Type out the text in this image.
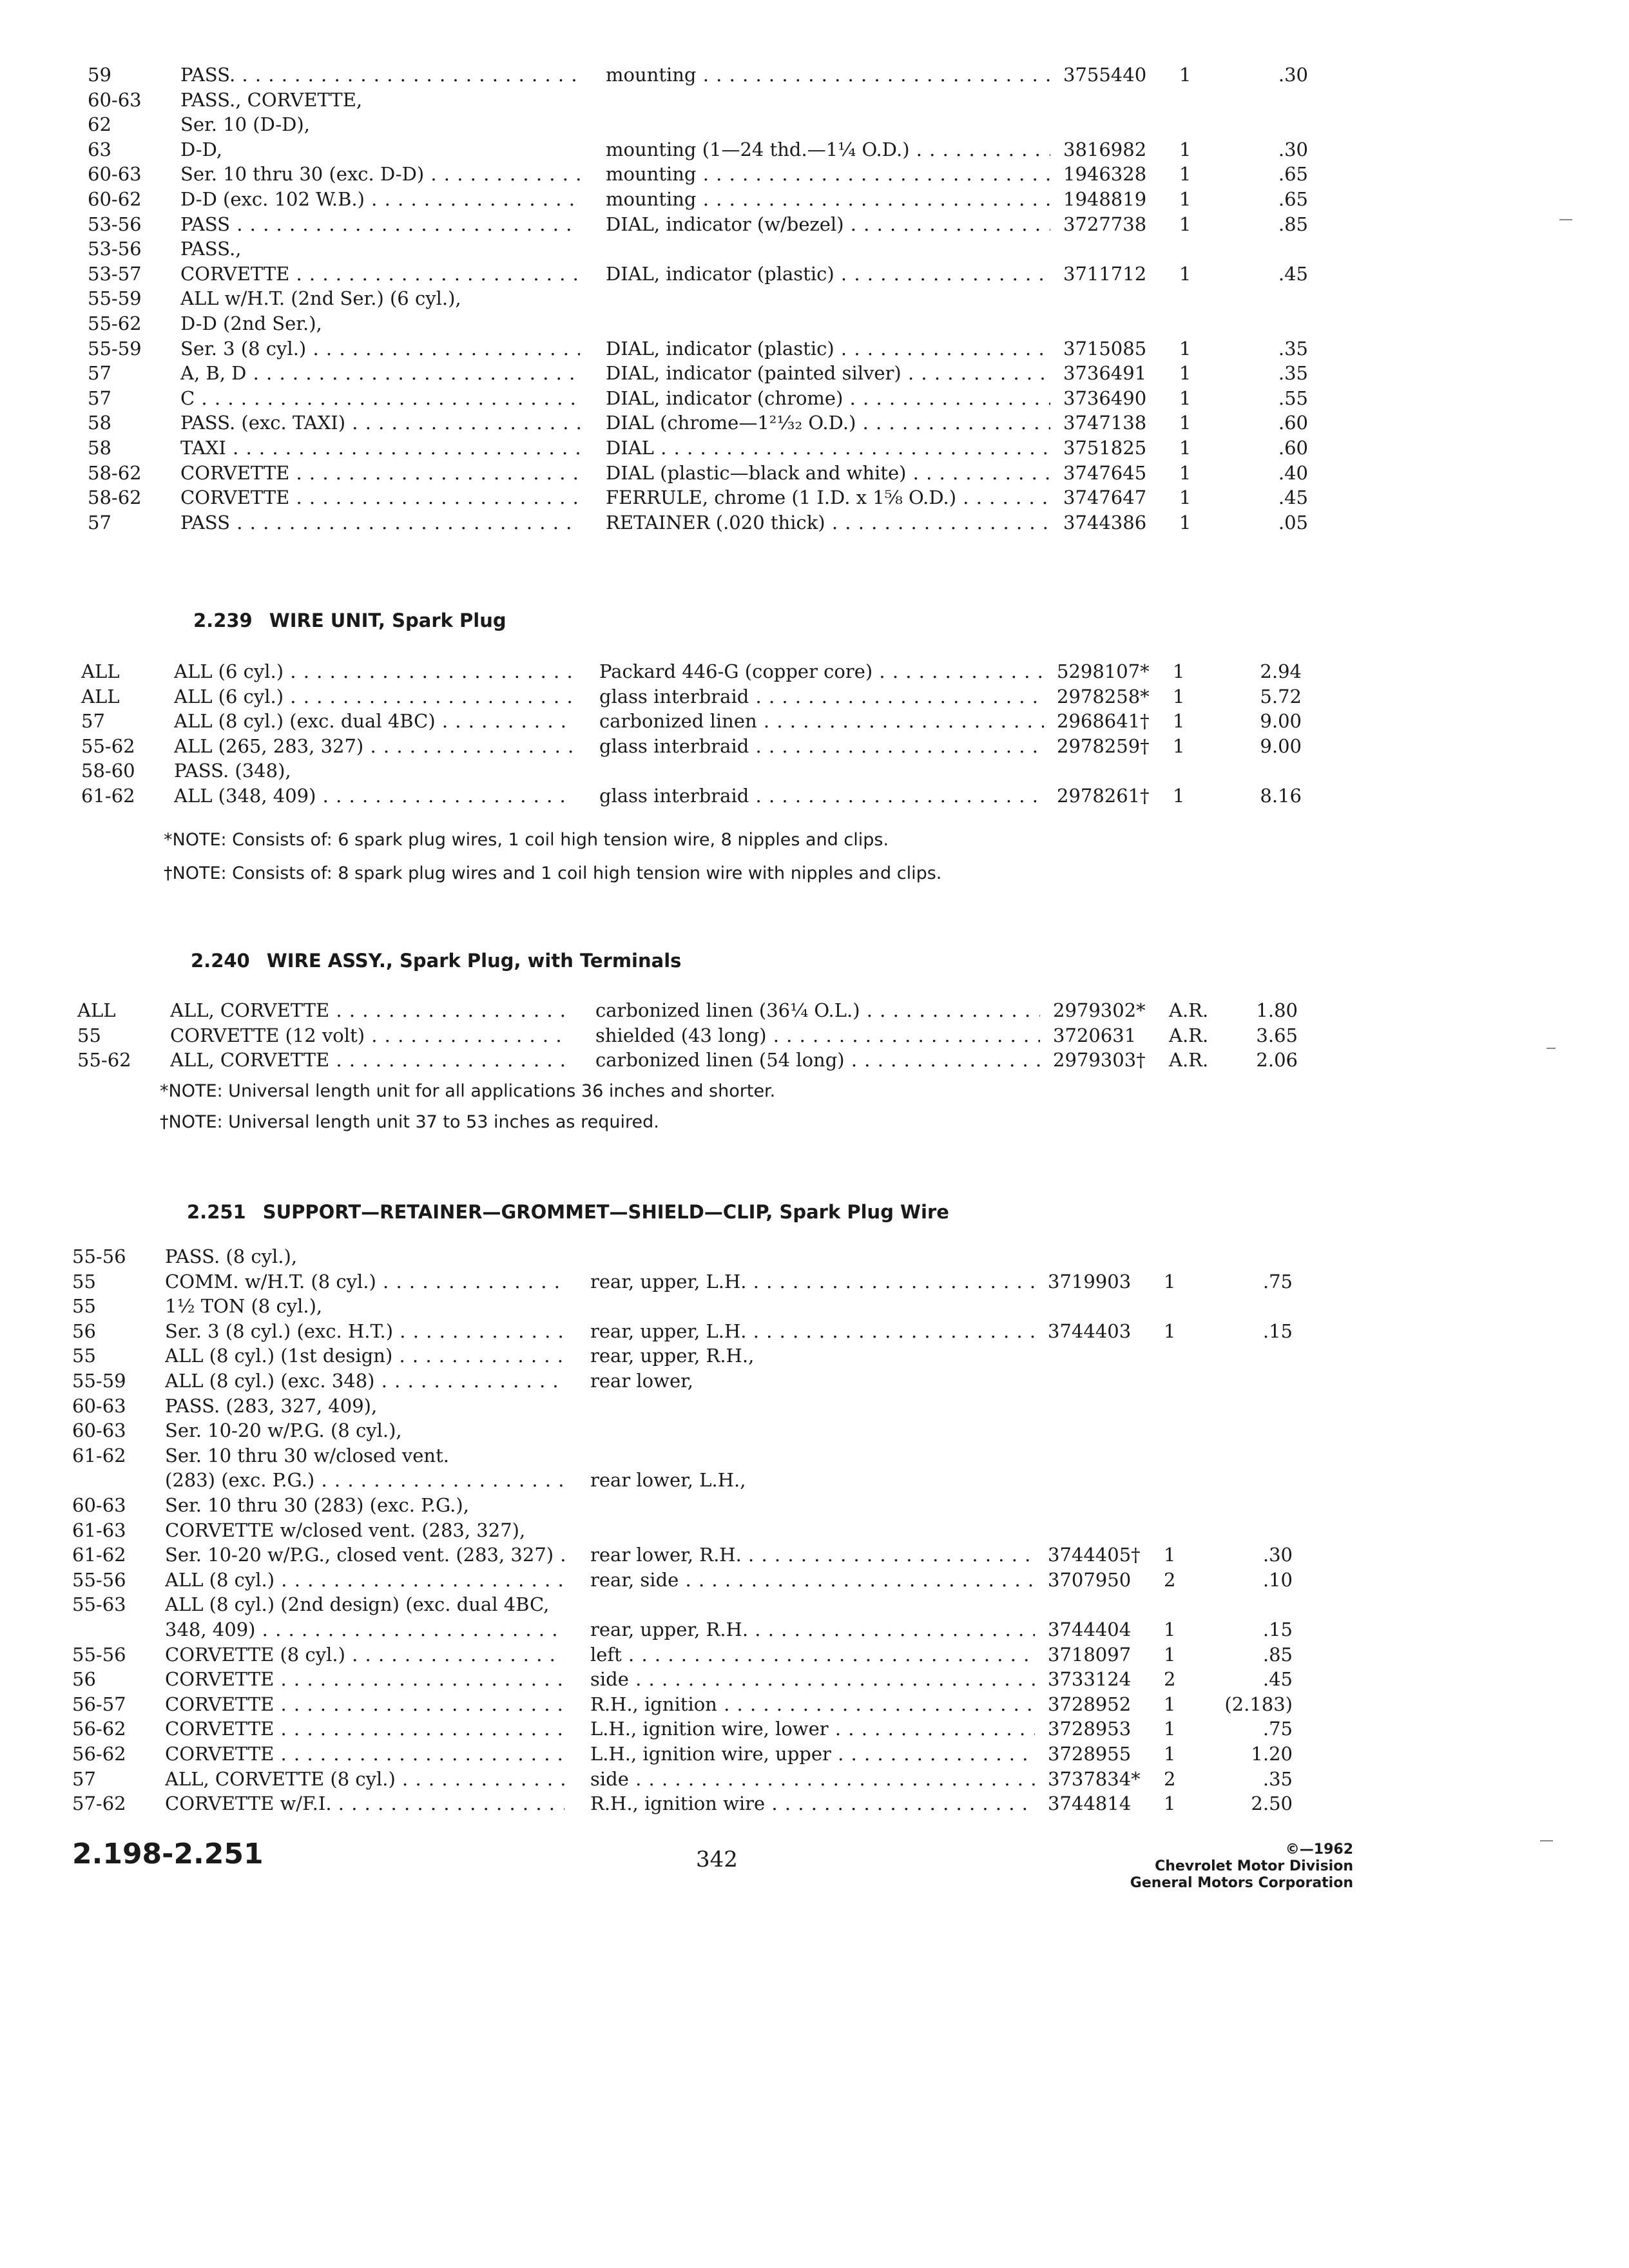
59	PASS. . . .	mounting . . .	3755440	1	.30
60-63	PASS., CORVETTE,
62	Ser. 10 (D-D),
63	D-D,	mounting (1—24 thd.—1¼ O.D.) . . .	3816982	1	.30
60-63	Ser. 10 thru 30 (exc. D-D) . . .	mounting . . .	1946328	1	.65
60-62	D-D (exc. 102 W.B.) . . .	mounting . . .	1948819	1	.65
53-56	PASS . . .	DIAL, indicator (w/bezel) . . .	3727738	1	.85
53-56	PASS.,
53-57	CORVETTE . . .	DIAL, indicator (plastic) . . .	3711712	1	.45
55-59	ALL w/H.T. (2nd Ser.) (6 cyl.),
55-62	D-D (2nd Ser.),
55-59	Ser. 3 (8 cyl.) . . .	DIAL, indicator (plastic) . . .	3715085	1	.35
57	A, B, D . . .	DIAL, indicator (painted silver) . . .	3736491	1	.35
57	C . . .	DIAL, indicator (chrome) . . .	3736490	1	.55
58	PASS. (exc. TAXI) . . .	DIAL (chrome—1²¹⁄₃₂ O.D.) . . .	3747138	1	.60
58	TAXI . . .	DIAL . . .	3751825	1	.60
58-62	CORVETTE . . .	DIAL (plastic—black and white) . . .	3747645	1	.40
58-62	CORVETTE . . .	FERRULE, chrome (1 I.D. x 1⅝ O.D.) . . .	3747647	1	.45
57	PASS . . .	RETAINER (.020 thick) . . .	3744386	1	.05
2.239 WIRE UNIT, Spark Plug
ALL	ALL (6 cyl.) . . .	Packard 446-G (copper core) . . .	5298107*	1	2.94
ALL	ALL (6 cyl.) . . .	glass interbraid . . .	2978258*	1	5.72
57	ALL (8 cyl.) (exc. dual 4BC) . . .	carbonized linen . . .	2968641†	1	9.00
55-62	ALL (265, 283, 327) . . .	glass interbraid . . .	2978259†	1	9.00
58-60	PASS. (348),
61-62	ALL (348, 409) . . .	glass interbraid . . .	2978261†	1	8.16
*NOTE: Consists of: 6 spark plug wires, 1 coil high tension wire, 8 nipples and clips.
†NOTE: Consists of: 8 spark plug wires and 1 coil high tension wire with nipples and clips.
2.240 WIRE ASSY., Spark Plug, with Terminals
ALL	ALL, CORVETTE . . .	carbonized linen (36¼ O.L.) . . .	2979302*	A.R.	1.80
55	CORVETTE (12 volt) . . .	shielded (43 long) . . .	3720631	A.R.	3.65
55-62	ALL, CORVETTE . . .	carbonized linen (54 long) . . .	2979303†	A.R.	2.06
*NOTE: Universal length unit for all applications 36 inches and shorter.
†NOTE: Universal length unit 37 to 53 inches as required.
2.251 SUPPORT—RETAINER—GROMMET—SHIELD—CLIP, Spark Plug Wire
55-56	PASS. (8 cyl.),
55	COMM. w/H.T. (8 cyl.) . . .	rear, upper, L.H. . . .	3719903	1	.75
55	1½ TON (8 cyl.),
56	Ser. 3 (8 cyl.) (exc. H.T.) . . .	rear, upper, L.H. . . .	3744403	1	.15
55	ALL (8 cyl.) (1st design) . . .	rear, upper, R.H.,
55-59	ALL (8 cyl.) (exc. 348) . . .	rear lower,
60-63	PASS. (283, 327, 409),
60-63	Ser. 10-20 w/P.G. (8 cyl.),
61-62	Ser. 10 thru 30 w/closed vent.
(283) (exc. P.G.) . . .	rear lower, L.H.,
60-63	Ser. 10 thru 30 (283) (exc. P.G.),
61-63	CORVETTE w/closed vent. (283, 327),
61-62	Ser. 10-20 w/P.G., closed vent. (283, 327) . . .	rear lower, R.H. . . .	3744405†	1	.30
55-56	ALL (8 cyl.) . . .	rear, side . . .	3707950	2	.10
55-63	ALL (8 cyl.) (2nd design) (exc. dual 4BC,
348, 409) . . .	rear, upper, R.H. . . .	3744404	1	.15
55-56	CORVETTE (8 cyl.) . . .	left . . .	3718097	1	.85
56	CORVETTE . . .	side . . .	3733124	2	.45
56-57	CORVETTE . . .	R.H., ignition . . .	3728952	1	(2.183)
56-62	CORVETTE . . .	L.H., ignition wire, lower . . .	3728953	1	.75
56-62	CORVETTE . . .	L.H., ignition wire, upper . . .	3728955	1	1.20
57	ALL, CORVETTE (8 cyl.) . . .	side . . .	3737834*	2	.35
57-62	CORVETTE w/F.I. . . .	R.H., ignition wire . . .	3744814	1	2.50
2.198-2.251	342	©—1962
Chevrolet Motor Division
General Motors Corporation
